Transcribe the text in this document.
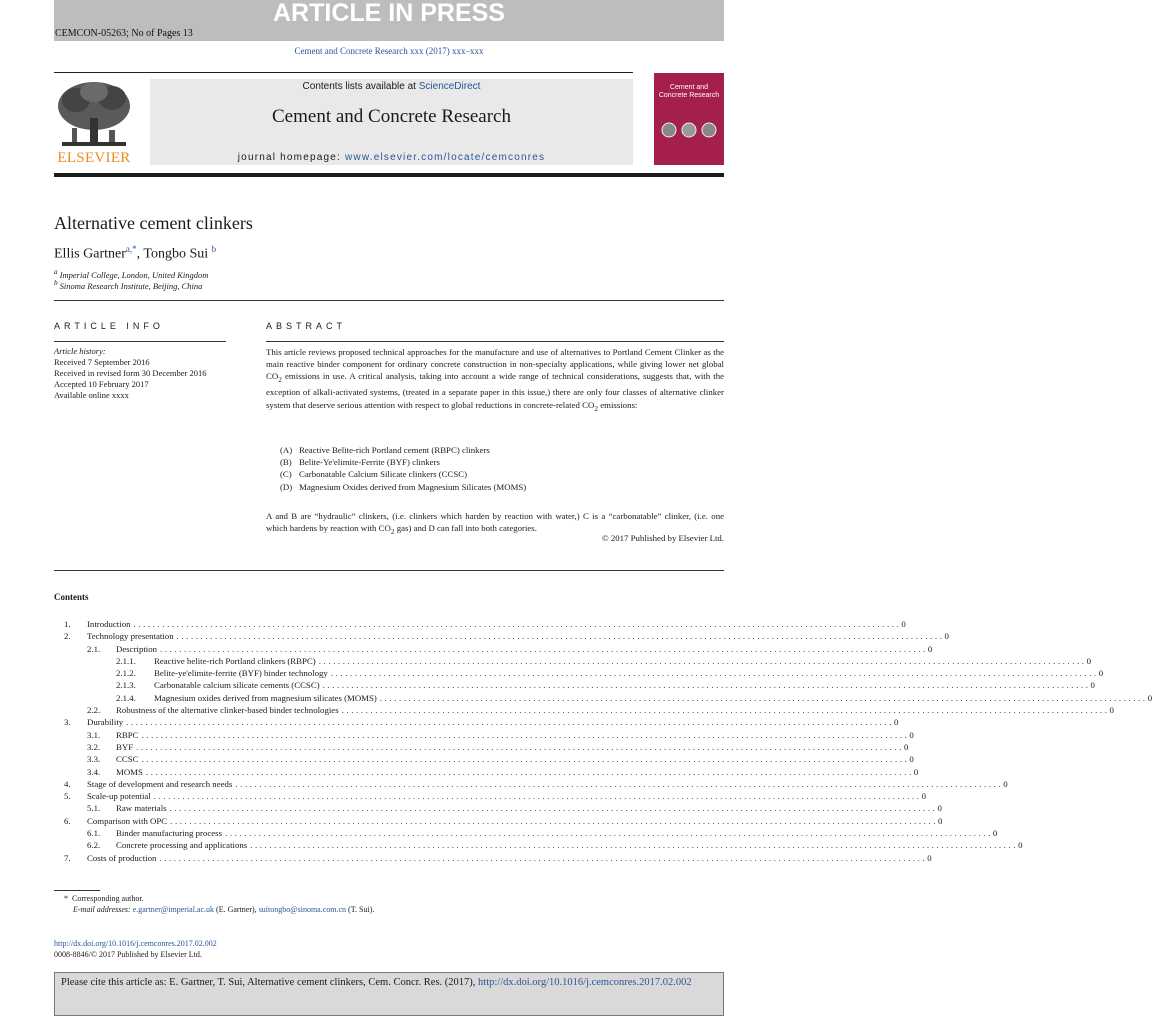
ARTICLE IN PRESS
CEMCON-05263; No of Pages 13
Cement and Concrete Research xxx (2017) xxx–xxx
Contents lists available at ScienceDirect
Cement and Concrete Research
journal homepage: www.elsevier.com/locate/cemconres
ELSEVIER
Cement and Concrete Research
Alternative cement clinkers
Ellis Gartner$^{a,*}$, Tongbo Sui $^b$
$^a$ Imperial College, London, United Kingdom
$^b$ Sinoma Research Institute, Beijing, China
ARTICLE INFO	ABSTRACT
Article history:
Received 7 September 2016
Received in revised form 30 December 2016
Accepted 10 February 2017
Available online xxxx
This article reviews proposed technical approaches for the manufacture and use of alternatives to Portland Cement Clinker as the main reactive binder component for ordinary concrete construction in non-specialty applications, while giving lower net global $CO_2$ emissions in use. A critical analysis, taking into account a wide range of technical considerations, suggests that, with the exception of alkali-activated systems, (treated in a separate paper in this issue,) there are only four classes of alternative clinker system that deserve serious attention with respect to global reductions in concrete-related $CO_2$ emissions:
(A) Reactive Belite-rich Portland cement (RBPC) clinkers
(B) Belite-Ye'elimite-Ferrite (BYF) clinkers
(C) Carbonatable Calcium Silicate clinkers (CCSC)
(D) Magnesium Oxides derived from Magnesium Silicates (MOMS)
A and B are “hydraulic” clinkers, (i.e. clinkers which harden by reaction with water,) C is a “carbonatable” clinker, (i.e. one which hardens by reaction with $CO_2$ gas) and D can fall into both categories.
© 2017 Published by Elsevier Ltd.
Contents
1. Introduction ................................................................................................................................................................ 0
2. Technology presentation ................................................................................................................................................................ 0
2.1. Description ................................................................................................................................................................ 0
2.1.1. Reactive belite-rich Portland clinkers (RBPC) ................................................................................................................................................................ 0
2.1.2. Belite-ye'elimite-ferrite (BYF) binder technology ................................................................................................................................................................ 0
2.1.3. Carbonatable calcium silicate cements (CCSC) ................................................................................................................................................................ 0
2.1.4. Magnesium oxides derived from magnesium silicates (MOMS) ................................................................................................................................................................ 0
2.2. Robustness of the alternative clinker-based binder technologies ................................................................................................................................................................ 0
3. Durability ................................................................................................................................................................ 0
3.1. RBPC ................................................................................................................................................................ 0
3.2. BYF ................................................................................................................................................................ 0
3.3. CCSC ................................................................................................................................................................ 0
3.4. MOMS ................................................................................................................................................................ 0
4. Stage of development and research needs ................................................................................................................................................................ 0
5. Scale-up potential ................................................................................................................................................................ 0
5.1. Raw materials ................................................................................................................................................................ 0
6. Comparison with OPC ................................................................................................................................................................ 0
6.1. Binder manufacturing process ................................................................................................................................................................ 0
6.2. Concrete processing and applications ................................................................................................................................................................ 0
7. Costs of production ................................................................................................................................................................ 0
* Corresponding author.
E-mail addresses: e.gartner@imperial.ac.uk (E. Gartner), suitongbo@sinoma.com.cn (T. Sui).
http://dx.doi.org/10.1016/j.cemconres.2017.02.002
0008-8846/© 2017 Published by Elsevier Ltd.
Please cite this article as: E. Gartner, T. Sui, Alternative cement clinkers, Cem. Concr. Res. (2017), http://dx.doi.org/10.1016/j.cemconres.2017.02.002
